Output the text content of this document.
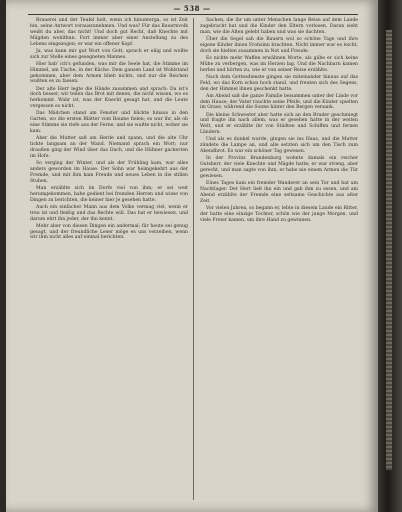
— 538 —

Brauerei und der Teufel holt, wenn ich hinunterga, so ist Zeit bin, seine Antwort vorauszunehmen. Und was? Für das Bauernvolk weißt du aber, das nicht! Und doch gut Recht, daß Knechte mit Mägden wohlthun. Fort immer aber einer Anstellung zu des Lebens eingezogen; er war ein offener Kopf.

Ja, was kann mir gut Wort von Gott, sprach er eilig und wollte sich zur Stelle eines gesegneten Mannes.

Hier hab' ich's gefunden, was mir die Seele hat, die Stimme im Himmel, am Tische, in der Küche. Dem ganzen Land ist Wohlstand gekommen, aber dem Armen blieb nichts, und nur die Reichen wußten es zu fassen.

Der alte Herr legte die Hände zusammen und sprach: Da ist's doch besser, wir teilen das Brot mit denen, die nicht wissen, wo es herkommt. Wahr ist, was der Knecht gesagt hat, und die Leute vergessen es nicht.

Das Mädchen stand am Fenster und blickte hinaus in den Garten, wo die ersten Blätter vom Baume fielen; es war ihr, als ob eine Stimme sie riefe aus der Ferne, und sie wußte nicht, woher sie kam.

Aber die Mutter saß am Herde und spann, und die alte Uhr tickte langsam an der Wand. Niemand sprach ein Wort; nur draußen ging der Wind über das Dach, und die Hühner gackerten im Hofe.

So verging der Winter, und als der Frühling kam, war alles anders geworden im Hause. Der Sohn war heimgekehrt aus der Fremde, und mit ihm kam Freude und neues Leben in die stillen Stuben.

Man erzählte sich im Dorfe viel von ihm; er sei weit herumgekommen, habe gedient bei fremden Herren und wisse von Dingen zu berichten, die keiner hier je gesehen hatte.

Auch ein einfacher Mann aus dem Volke vermag viel, wenn er treu ist und fleißig und das Rechte will. Das hat er bewiesen, und darum ehrt ihn jeder, der ihn kennt.

Mehr aber von diesen Dingen ein andermal; für heute sei genug gesagt, und der freundliche Leser möge es uns verzeihen, wenn wir ihm nicht alles auf einmal berichten.

Sachen, die ihr um unter Menschen lange Reise auf dem Lande zugebracht hat und die Kinder den Eltern vorlesen. Daran sieht man, wie die Alten gelebt haben und was sie dachten.

Über die Segel sah die Bauern wol so schöne Tage und ihre eigene Kinder ihnen Frohsinn brachten. Nicht immer war es leicht, doch sie hielten zusammen in Not und Freude.

Es nickte mehr Waffen erwähnen Worte, als gäbe er sich keine Mühe zu verbergen, was im Herzen lag. Und die Nachbarn kamen herbei und hörten zu, wie er von seiner Reise erzählte.

Nach dem Gottesdienste gingen sie miteinander hinaus auf das Feld, wo das Korn schon hoch stand, und freuten sich des Segens, den der Himmel ihnen geschenkt hatte.

Am Abend saß die ganze Familie beisammen unter der Linde vor dem Hause; der Vater rauchte seine Pfeife, und die Kinder spielten im Grase, während die Sonne hinter den Bergen versank.

Die kleine Schwester aber hatte sich an den Bruder geschmiegt und fragte ihn nach allem, was er gesehen hatte in der weiten Welt, und er erzählte ihr von Städten und Schiffen und fernen Ländern.

Und als es dunkel wurde, gingen sie ins Haus, und die Mutter zündete die Lampe an, und alle setzten sich um den Tisch zum Abendbrot. Es war ein schöner Tag gewesen.

In der Provinz Brandenburg wohnte damals ein reicher Gutsherr, der viele Knechte und Mägde hatte; er war streng, aber gerecht, und man sagte von ihm, er habe nie einem Armen die Tür gewiesen.

Eines Tages kam ein fremder Wanderer an sein Tor und bat um Nachtlager. Der Herr ließ ihn ein und gab ihm zu essen, und am Abend erzählte der Fremde eine seltsame Geschichte aus alter Zeit.

Vor vielen Jahren, so begann er, lebte in diesem Lande ein Ritter, der hatte eine einzige Tochter, schön wie der junge Morgen, und viele Freier kamen, um ihre Hand zu gewinnen.
